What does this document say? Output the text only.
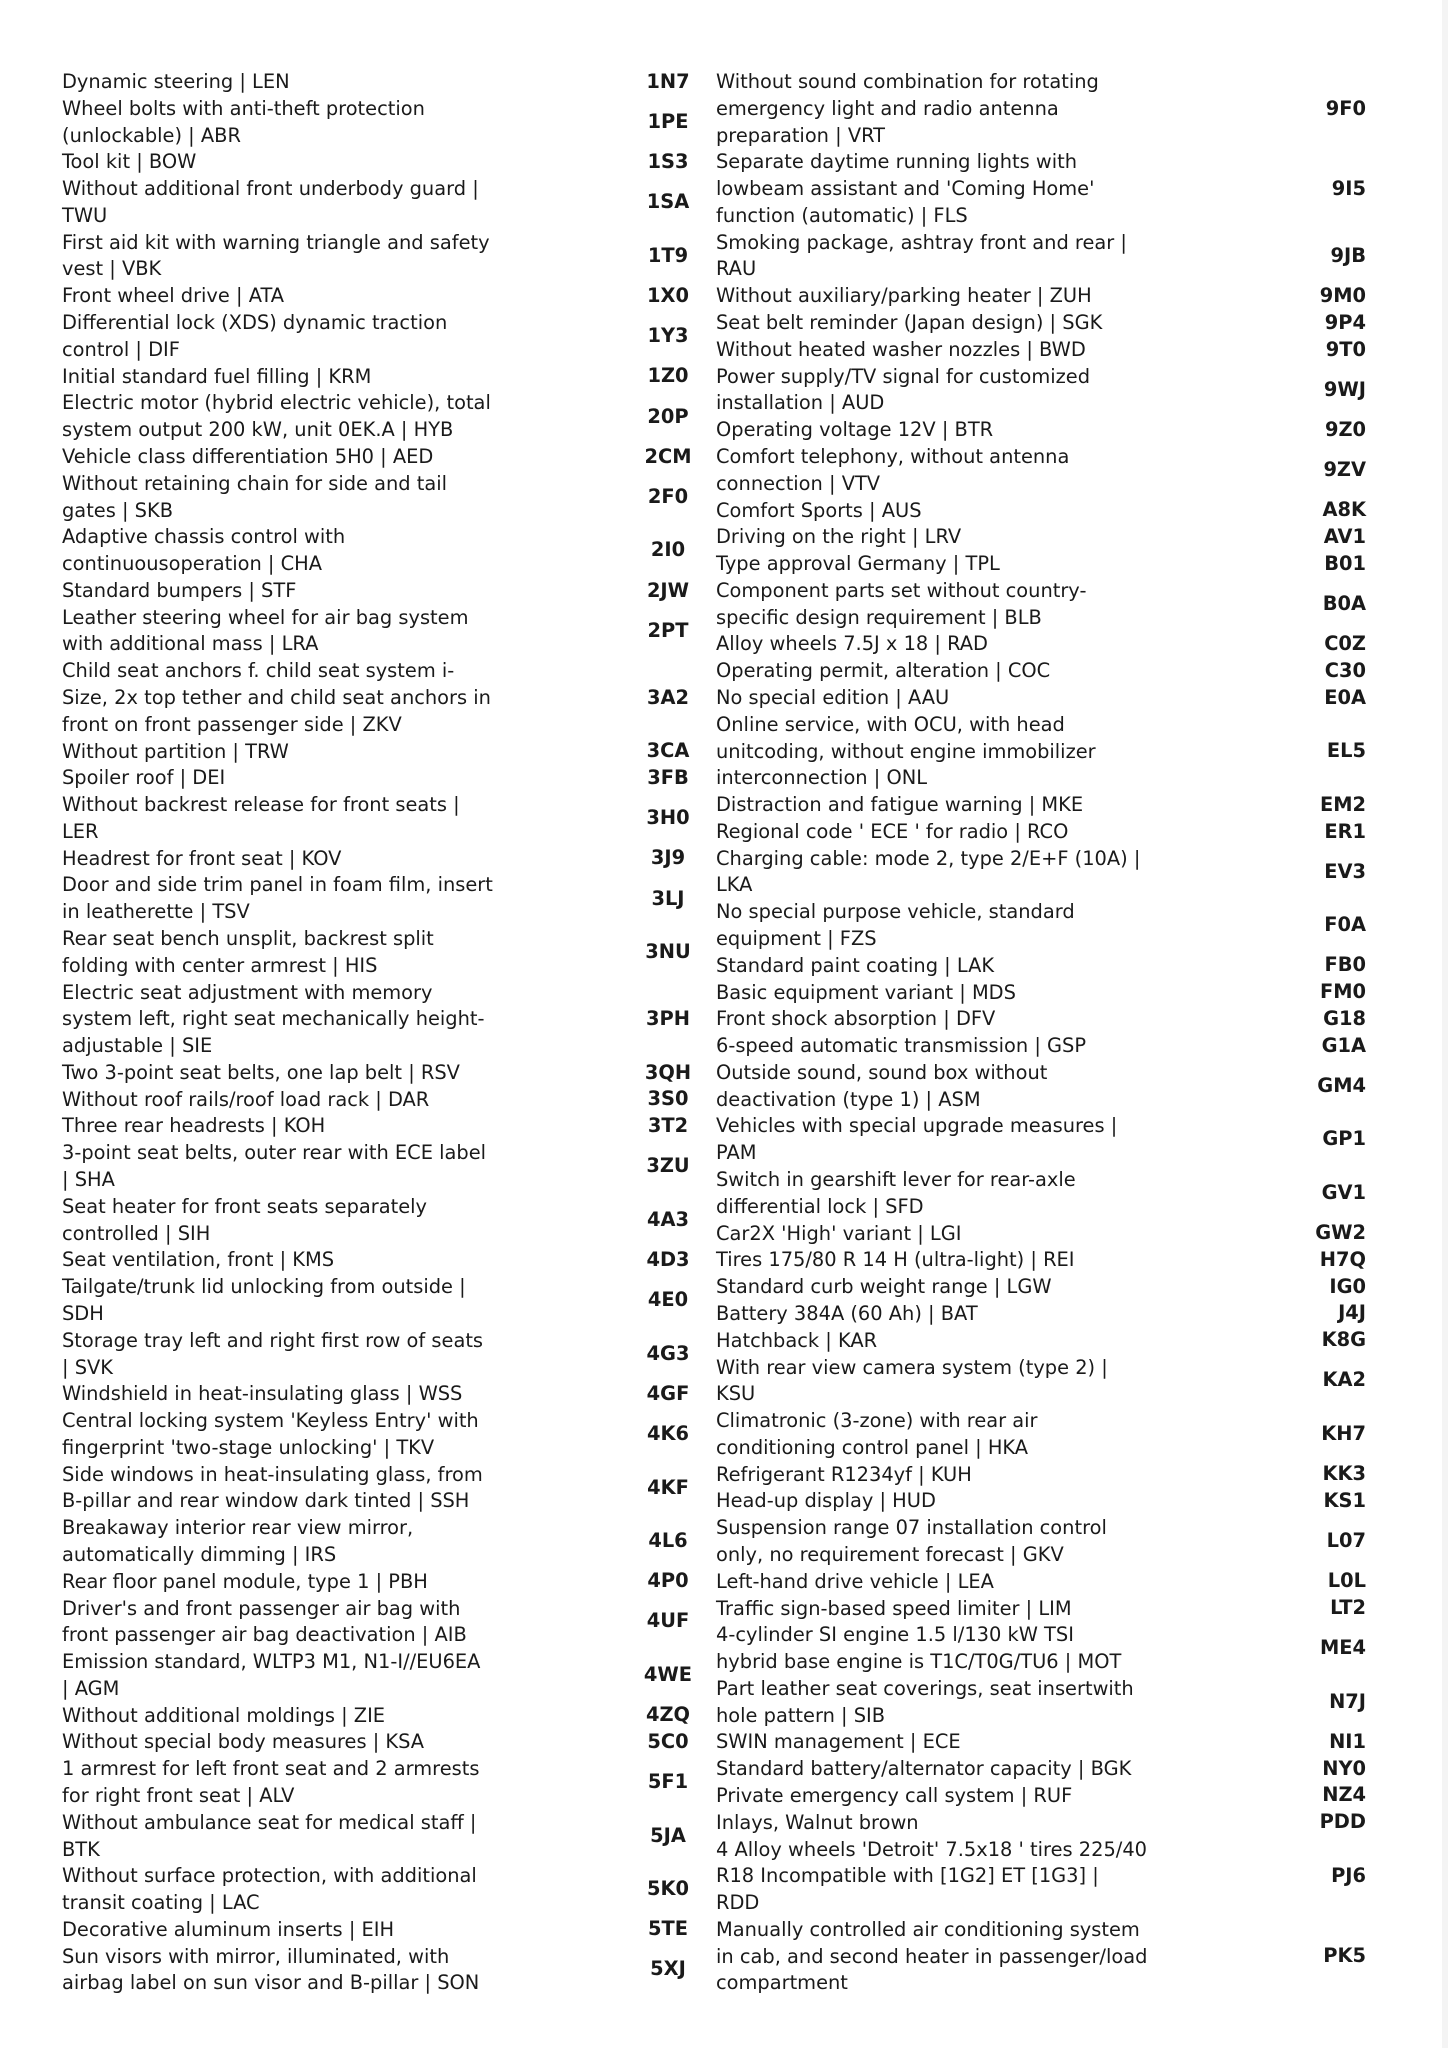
Dynamic steering | LEN
Wheel bolts with anti-theft protection
(unlockable) | ABR
Tool kit | BOW
Without additional front underbody guard |
TWU
First aid kit with warning triangle and safety
vest | VBK
Front wheel drive | ATA
Differential lock (XDS) dynamic traction
control | DIF
Initial standard fuel filling | KRM
Electric motor (hybrid electric vehicle), total
system output 200 kW, unit 0EK.A | HYB
Vehicle class differentiation 5H0 | AED
Without retaining chain for side and tail
gates | SKB
Adaptive chassis control with
continuousoperation | CHA
Standard bumpers | STF
Leather steering wheel for air bag system
with additional mass | LRA
Child seat anchors f. child seat system i-
Size, 2x top tether and child seat anchors in
front on front passenger side | ZKV
Without partition | TRW
Spoiler roof | DEI
Without backrest release for front seats |
LER
Headrest for front seat | KOV
Door and side trim panel in foam film, insert
in leatherette | TSV
Rear seat bench unsplit, backrest split
folding with center armrest | HIS
Electric seat adjustment with memory
system left, right seat mechanically height-
adjustable | SIE
Two 3-point seat belts, one lap belt | RSV
Without roof rails/roof load rack | DAR
Three rear headrests | KOH
3-point seat belts, outer rear with ECE label
| SHA
Seat heater for front seats separately
controlled | SIH
Seat ventilation, front | KMS
Tailgate/trunk lid unlocking from outside |
SDH
Storage tray left and right first row of seats
| SVK
Windshield in heat-insulating glass | WSS
Central locking system 'Keyless Entry' with
fingerprint 'two-stage unlocking' | TKV
Side windows in heat-insulating glass, from
B-pillar and rear window dark tinted | SSH
Breakaway interior rear view mirror,
automatically dimming | IRS
Rear floor panel module, type 1 | PBH
Driver's and front passenger air bag with
front passenger air bag deactivation | AIB
Emission standard, WLTP3 M1, N1-I//EU6EA
| AGM
Without additional moldings | ZIE
Without special body measures | KSA
1 armrest for left front seat and 2 armrests
for right front seat | ALV
Without ambulance seat for medical staff |
BTK
Without surface protection, with additional
transit coating | LAC
Decorative aluminum inserts | EIH
Sun visors with mirror, illuminated, with
airbag label on sun visor and B-pillar | SON
1N7
1PE
1S3
1SA
1T9
1X0
1Y3
1Z0
20P
2CM
2F0
2I0
2JW
2PT
3A2
3CA
3FB
3H0
3J9
3LJ
3NU
3PH
3QH
3S0
3T2
3ZU
4A3
4D3
4E0
4G3
4GF
4K6
4KF
4L6
4P0
4UF
4WE
4ZQ
5C0
5F1
5JA
5K0
5TE
5XJ
Without sound combination for rotating
emergency light and radio antenna
preparation | VRT
Separate daytime running lights with
lowbeam assistant and 'Coming Home'
function (automatic) | FLS
Smoking package, ashtray front and rear |
RAU
Without auxiliary/parking heater | ZUH
Seat belt reminder (Japan design) | SGK
Without heated washer nozzles | BWD
Power supply/TV signal for customized
installation | AUD
Operating voltage 12V | BTR
Comfort telephony, without antenna
connection | VTV
Comfort Sports | AUS
Driving on the right | LRV
Type approval Germany | TPL
Component parts set without country-
specific design requirement | BLB
Alloy wheels 7.5J x 18 | RAD
Operating permit, alteration | COC
No special edition | AAU
Online service, with OCU, with head
unitcoding, without engine immobilizer
interconnection | ONL
Distraction and fatigue warning | MKE
Regional code ' ECE ' for radio | RCO
Charging cable: mode 2, type 2/E+F (10A) |
LKA
No special purpose vehicle, standard
equipment | FZS
Standard paint coating | LAK
Basic equipment variant | MDS
Front shock absorption | DFV
6-speed automatic transmission | GSP
Outside sound, sound box without
deactivation (type 1) | ASM
Vehicles with special upgrade measures |
PAM
Switch in gearshift lever for rear-axle
differential lock | SFD
Car2X 'High' variant | LGI
Tires 175/80 R 14 H (ultra-light) | REI
Standard curb weight range | LGW
Battery 384A (60 Ah) | BAT
Hatchback | KAR
With rear view camera system (type 2) |
KSU
Climatronic (3-zone) with rear air
conditioning control panel | HKA
Refrigerant R1234yf | KUH
Head-up display | HUD
Suspension range 07 installation control
only, no requirement forecast | GKV
Left-hand drive vehicle | LEA
Traffic sign-based speed limiter | LIM
4-cylinder SI engine 1.5 l/130 kW TSI
hybrid base engine is T1C/T0G/TU6 | MOT
Part leather seat coverings, seat insertwith
hole pattern | SIB
SWIN management | ECE
Standard battery/alternator capacity | BGK
Private emergency call system | RUF
Inlays, Walnut brown
4 Alloy wheels 'Detroit' 7.5x18 ' tires 225/40
R18 Incompatible with [1G2] ET [1G3] |
RDD
Manually controlled air conditioning system
in cab, and second heater in passenger/load
compartment
9F0
9I5
9JB
9M0
9P4
9T0
9WJ
9Z0
9ZV
A8K
AV1
B01
B0A
C0Z
C30
E0A
EL5
EM2
ER1
EV3
F0A
FB0
FM0
G18
G1A
GM4
GP1
GV1
GW2
H7Q
IG0
J4J
K8G
KA2
KH7
KK3
KS1
L07
L0L
LT2
ME4
N7J
NI1
NY0
NZ4
PDD
PJ6
PK5
